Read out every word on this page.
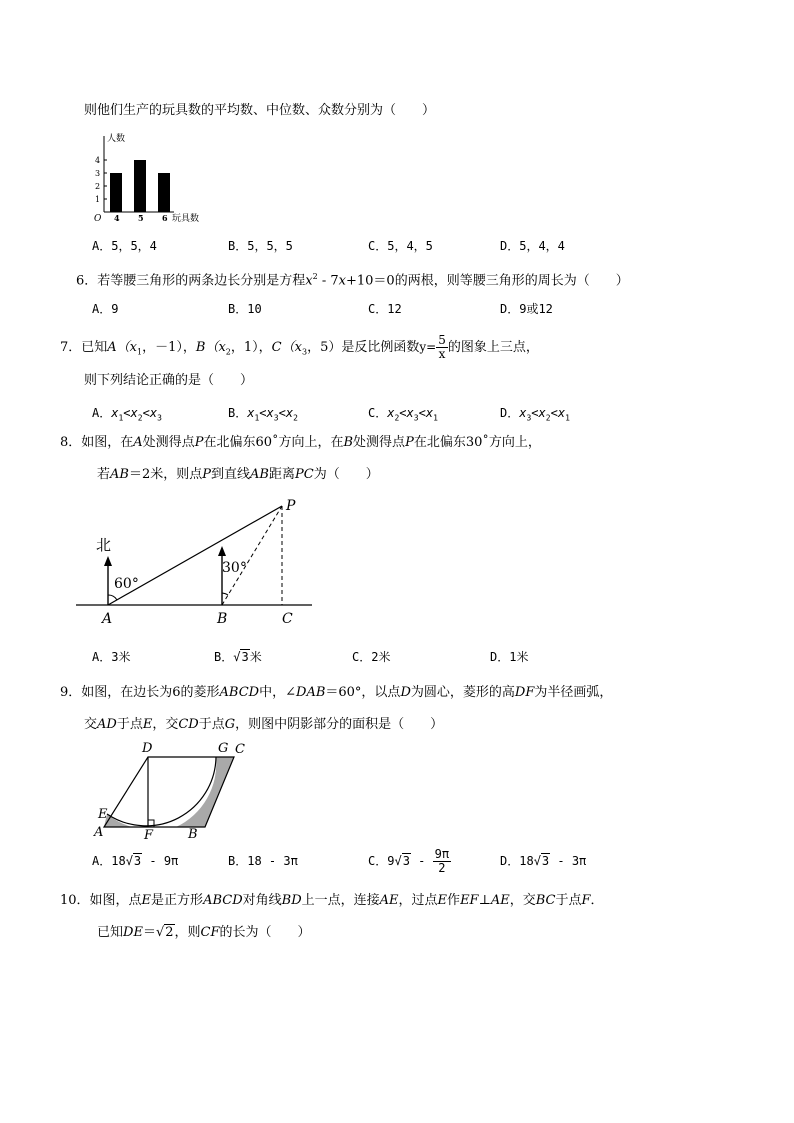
则他们生产的玩具数的平均数、中位数、众数分别为（　　）
人数
玩具数
O
1
2
3
4
4 5 6
A．5，5，4	B．5，5，5	C．5，4，5	D．5，4，4
6．若等腰三角形的两条边长分别是方程$x^2 - 7x+10=0$的两根，则等腰三角形的周长为（　　）
A．9	B．10	C．12	D．9或12
7．已知$A(x_1$，－1），$B(x_2$，1），$C(x_3$，5）是反比例函数$y= \frac{5}{x}$ 的图象上三点，
则下列结论正确的是（　　）
A．$x_1<x_2<x_3$	B．$x_1<x_3<x_2$	C．$x_2<x_3<x_1$	D．$x_3<x_2<x_1$
8．如图，在A处测得点P在北偏东60˚方向上，在B处测得点P在北偏东30˚方向上，
若AB＝2米，则点P到直线AB距离PC为（　　）
北
60°
30°
A	B	C
P
A．3米	B．√3米	C．2米	D．1米
9．如图，在边长为6的菱形ABCD中，∠DAB＝60°，以点D为圆心，菱形的高DF为半径画弧，
交AD于点E，交CD于点G，则图中阴影部分的面积是（　　）
A	B
C
D
E
F
G
A．18√3 - 9π	B．18 - 3π	C．$9√3 - \frac{9\pi}{2}$	D．18√3 - 3π
10．如图，点E是正方形ABCD对角线BD上一点，连接AE，过点E作EF⊥AE，交BC于点F．
已知DE＝√2，则CF的长为（　　）
